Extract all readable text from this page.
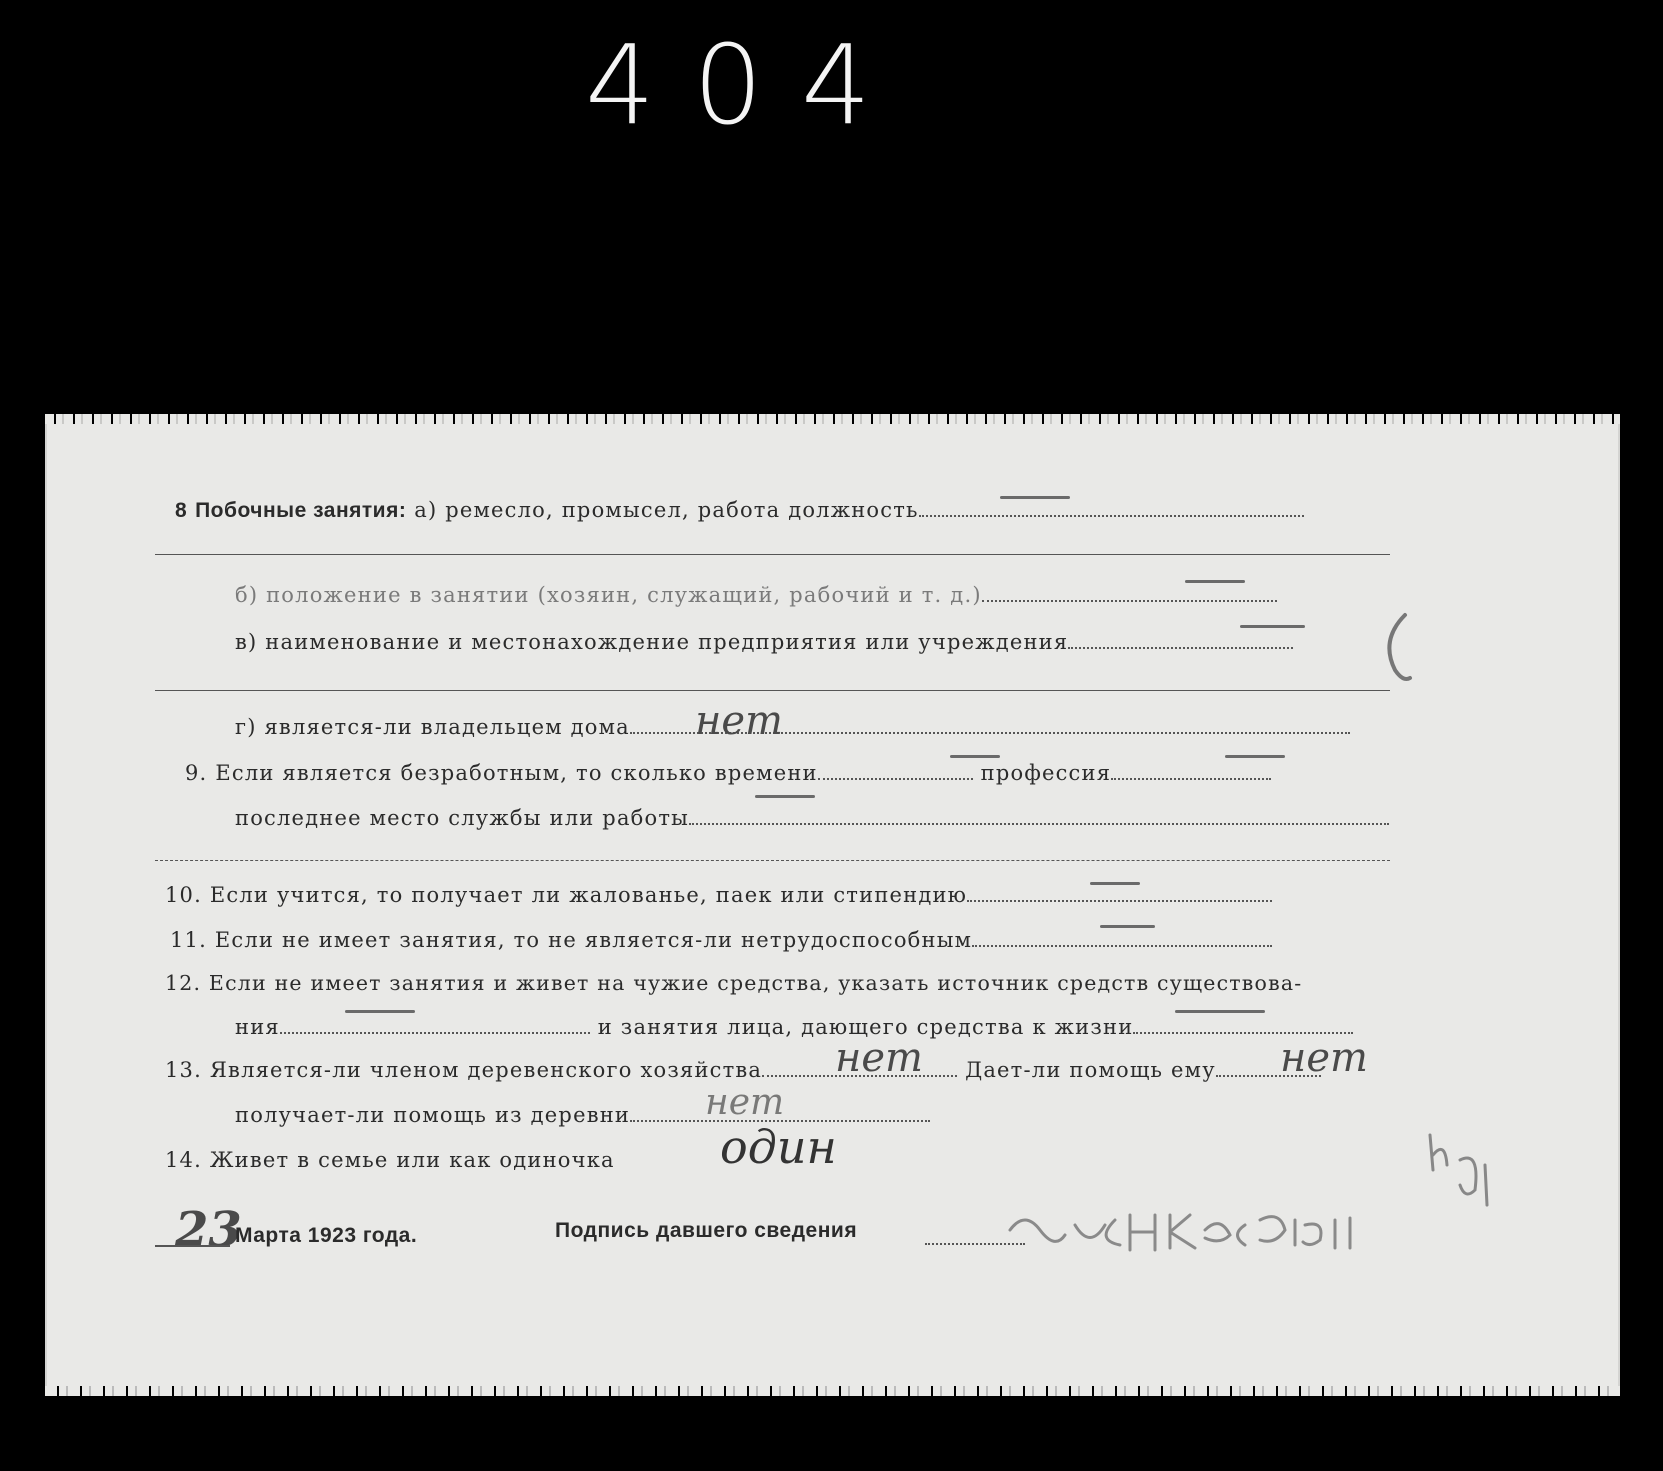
404
8 Побочные занятия: а) ремесло, промысел, работа должность
б) положение в занятии (хозяин, служащий, рабочий и т. д.)
в) наименование и местонахождение предприятия или учреждения
г) является-ли владельцем дома	нет
9. Если является безработным, то сколько времени	профессия
последнее место службы или работы
10. Если учится, то получает ли жалованье, паек или стипендию
11. Если не имеет занятия, то не является-ли нетрудоспособным
12. Если не имеет занятия и живет на чужие средства, указать источник средств существова-
ния	и занятия лица, дающего средства к жизни
13. Является-ли членом деревенского хозяйства	Дает-ли помощь ему
нет	нет
получает-ли помощь из деревни	нет
14. Живет в семье или как одиночка один
23
Марта 1923 года.	Подпись давшего сведения
